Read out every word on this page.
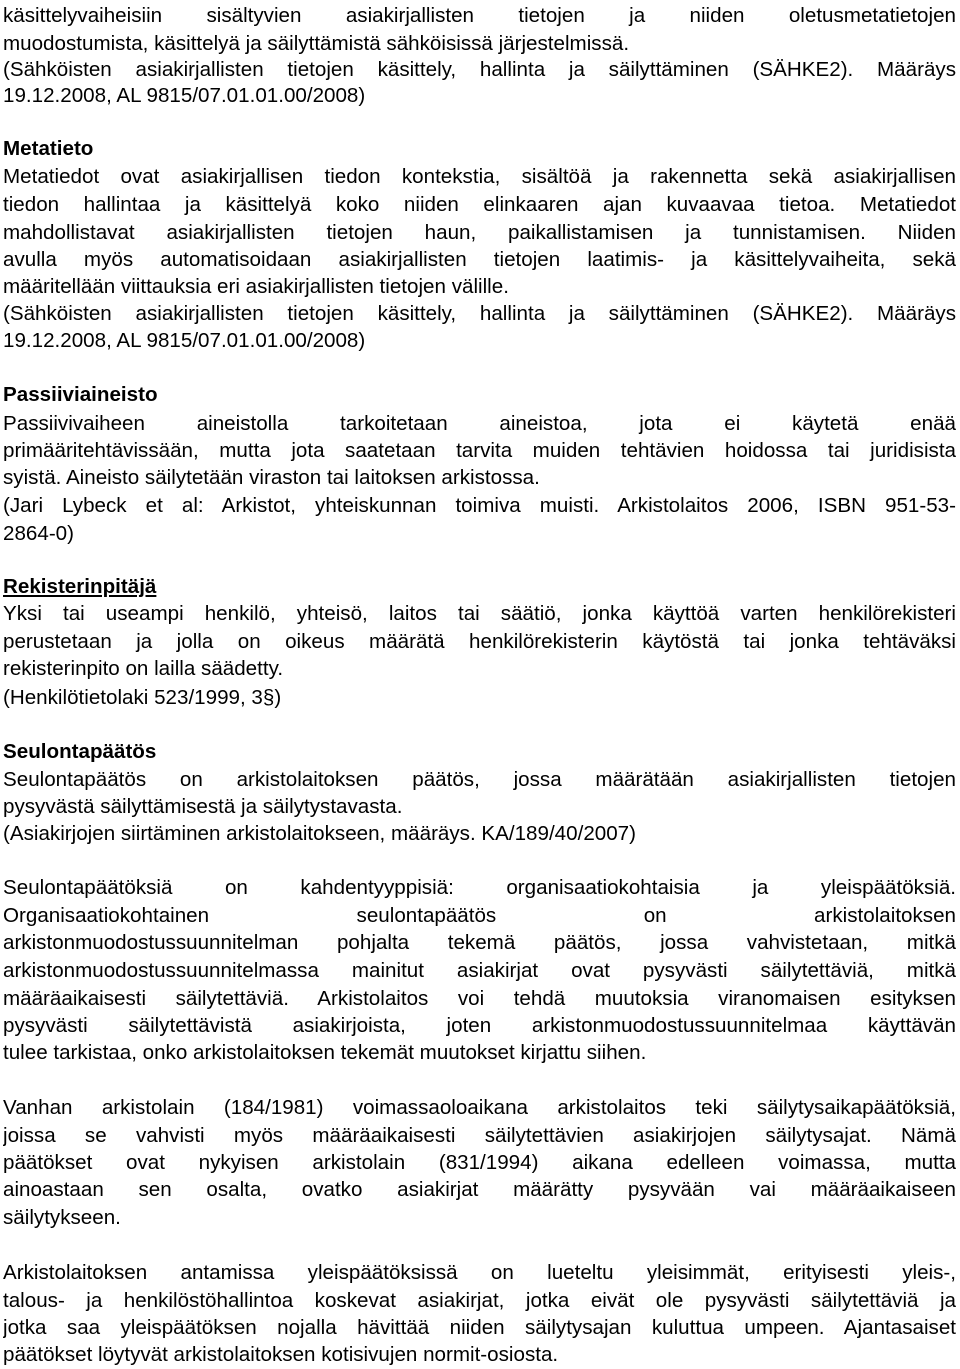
käsittelyvaiheisiin sisältyvien asiakirjallisten tietojen ja niiden oletusmetatietojen
muodostumista, käsittelyä ja säilyttämistä sähköisissä järjestelmissä.
(Sähköisten asiakirjallisten tietojen käsittely, hallinta ja säilyttäminen (SÄHKE2). Määräys
19.12.2008, AL 9815/07.01.01.00/2008)
Metatieto
Metatiedot ovat asiakirjallisen tiedon kontekstia, sisältöä ja rakennetta sekä asiakirjallisen
tiedon hallintaa ja käsittelyä koko niiden elinkaaren ajan kuvaavaa tietoa. Metatiedot
mahdollistavat asiakirjallisten tietojen haun, paikallistamisen ja tunnistamisen. Niiden
avulla myös automatisoidaan asiakirjallisten tietojen laatimis- ja käsittelyvaiheita, sekä
määritellään viittauksia eri asiakirjallisten tietojen välille.
(Sähköisten asiakirjallisten tietojen käsittely, hallinta ja säilyttäminen (SÄHKE2). Määräys
19.12.2008, AL 9815/07.01.01.00/2008)
Passiiviaineisto
Passiivivaiheen aineistolla tarkoitetaan aineistoa, jota ei käytetä enää
primääritehtävissään, mutta jota saatetaan tarvita muiden tehtävien hoidossa tai juridisista
syistä. Aineisto säilytetään viraston tai laitoksen arkistossa.
(Jari Lybeck et al: Arkistot, yhteiskunnan toimiva muisti. Arkistolaitos 2006, ISBN 951-53-
2864-0)
Rekisterinpitäjä
Yksi tai useampi henkilö, yhteisö, laitos tai säätiö, jonka käyttöä varten henkilörekisteri
perustetaan ja jolla on oikeus määrätä henkilörekisterin käytöstä tai jonka tehtäväksi
rekisterinpito on lailla säädetty.
(Henkilötietolaki 523/1999, 3§)
Seulontapäätös
Seulontapäätös on arkistolaitoksen päätös, jossa määrätään asiakirjallisten tietojen
pysyvästä säilyttämisestä ja säilytystavasta.
(Asiakirjojen siirtäminen arkistolaitokseen, määräys. KA/189/40/2007)
Seulontapäätöksiä on kahdentyyppisiä: organisaatiokohtaisia ja yleispäätöksiä.
Organisaatiokohtainen seulontapäätös on arkistolaitoksen
arkistonmuodostussuunnitelman pohjalta tekemä päätös, jossa vahvistetaan, mitkä
arkistonmuodostussuunnitelmassa mainitut asiakirjat ovat pysyvästi säilytettäviä, mitkä
määräaikaisesti säilytettäviä. Arkistolaitos voi tehdä muutoksia viranomaisen esityksen
pysyvästi säilytettävistä asiakirjoista, joten arkistonmuodostussuunnitelmaa käyttävän
tulee tarkistaa, onko arkistolaitoksen tekemät muutokset kirjattu siihen.
Vanhan arkistolain (184/1981) voimassaoloaikana arkistolaitos teki säilytysaikapäätöksiä,
joissa se vahvisti myös määräaikaisesti säilytettävien asiakirjojen säilytysajat. Nämä
päätökset ovat nykyisen arkistolain (831/1994) aikana edelleen voimassa, mutta
ainoastaan sen osalta, ovatko asiakirjat määrätty pysyvään vai määräaikaiseen
säilytykseen.
Arkistolaitoksen antamissa yleispäätöksissä on lueteltu yleisimmät, erityisesti yleis-,
talous- ja henkilöstöhallintoa koskevat asiakirjat, jotka eivät ole pysyvästi säilytettäviä ja
jotka saa yleispäätöksen nojalla hävittää niiden säilytysajan kuluttua umpeen. Ajantasaiset
päätökset löytyvät arkistolaitoksen kotisivujen normit-osiosta.
